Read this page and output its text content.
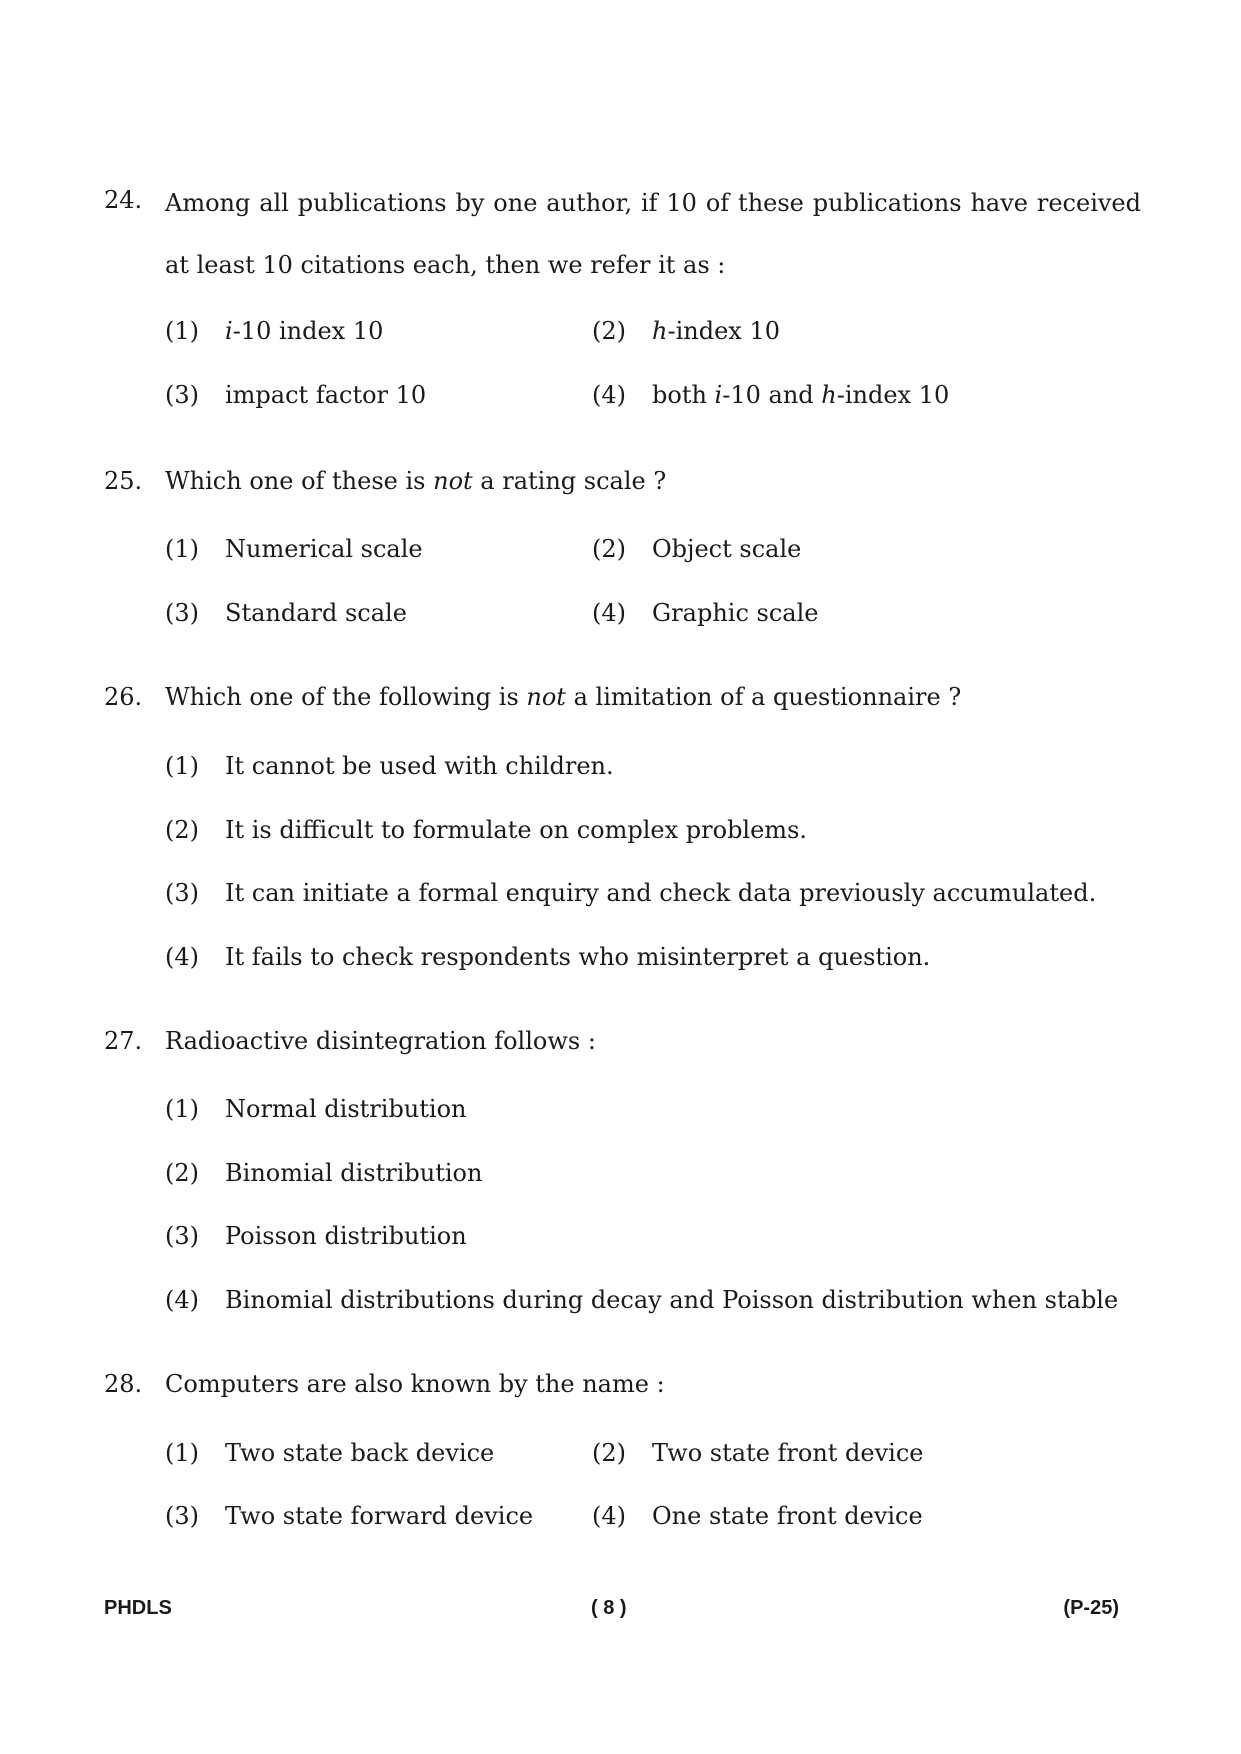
24. Among all publications by one author, if 10 of these publications have received at least 10 citations each, then we refer it as :
(1) i-10 index 10	(2) h-index 10
(3) impact factor 10	(4) both i-10 and h-index 10
25. Which one of these is not a rating scale ?
(1) Numerical scale	(2) Object scale
(3) Standard scale	(4) Graphic scale
26. Which one of the following is not a limitation of a questionnaire ?
(1) It cannot be used with children.
(2) It is difficult to formulate on complex problems.
(3) It can initiate a formal enquiry and check data previously accumulated.
(4) It fails to check respondents who misinterpret a question.
27. Radioactive disintegration follows :
(1) Normal distribution
(2) Binomial distribution
(3) Poisson distribution
(4) Binomial distributions during decay and Poisson distribution when stable
28. Computers are also known by the name :
(1) Two state back device	(2) Two state front device
(3) Two state forward device (4) One state front device
PHDLS	( 8 )	(P-25)
